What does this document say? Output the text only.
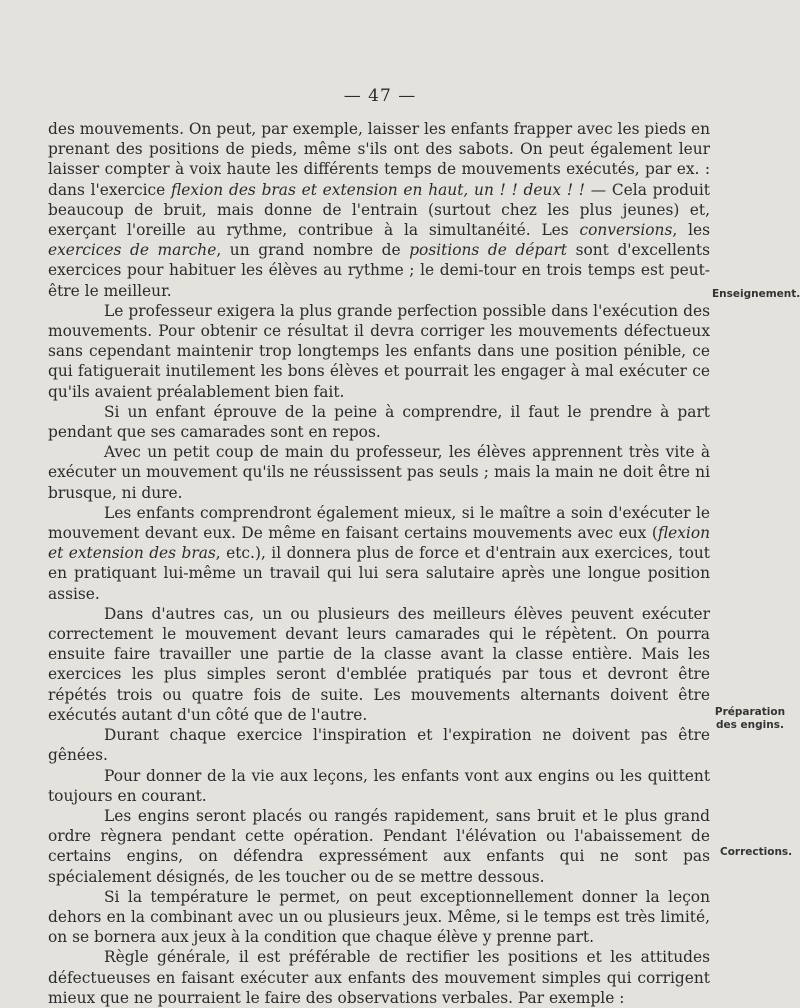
— 47 —

des mouvements. On peut, par exemple, laisser les enfants frapper avec les pieds en prenant des positions de pieds, même s'ils ont des sabots. On peut également leur laisser compter à voix haute les différents temps de mouvements exécutés, par ex. : dans l'exercice flexion des bras et extension en haut, un ! ! deux ! ! — Cela produit beaucoup de bruit, mais donne de l'entrain (surtout chez les plus jeunes) et, exerçant l'oreille au rythme, contribue à la simultanéité. Les conversions, les exercices de marche, un grand nombre de positions de départ sont d'excellents exercices pour habituer les élèves au rythme ; le demi-tour en trois temps est peut-être le meilleur.

Le professeur exigera la plus grande perfection possible dans l'exécution des mouvements. Pour obtenir ce résultat il devra corriger les mouvements défectueux sans cependant maintenir trop longtemps les enfants dans une position pénible, ce qui fatiguerait inutilement les bons élèves et pourrait les engager à mal exécuter ce qu'ils avaient préalablement bien fait.

Si un enfant éprouve de la peine à comprendre, il faut le prendre à part pendant que ses camarades sont en repos.

Avec un petit coup de main du professeur, les élèves apprennent très vite à exécuter un mouvement qu'ils ne réussissent pas seuls ; mais la main ne doit être ni brusque, ni dure.

Les enfants comprendront également mieux, si le maître a soin d'exécuter le mouvement devant eux. De même en faisant certains mouvements avec eux (flexion et extension des bras, etc.), il donnera plus de force et d'entrain aux exercices, tout en pratiquant lui-même un travail qui lui sera salutaire après une longue position assise.

Dans d'autres cas, un ou plusieurs des meilleurs élèves peuvent exécuter correctement le mouvement devant leurs camarades qui le répètent. On pourra ensuite faire travailler une partie de la classe avant la classe entière. Mais les exercices les plus simples seront d'emblée pratiqués par tous et devront être répétés trois ou quatre fois de suite. Les mouvements alternants doivent être exécutés autant d'un côté que de l'autre.

Durant chaque exercice l'inspiration et l'expiration ne doivent pas être gênées.

Pour donner de la vie aux leçons, les enfants vont aux engins ou les quittent toujours en courant.

Les engins seront placés ou rangés rapidement, sans bruit et le plus grand ordre règnera pendant cette opération. Pendant l'élévation ou l'abaissement de certains engins, on défendra expressément aux enfants qui ne sont pas spécialement désignés, de les toucher ou de se mettre dessous.

Si la température le permet, on peut exceptionnellement donner la leçon dehors en la combinant avec un ou plusieurs jeux. Même, si le temps est très limité, on se bornera aux jeux à la condition que chaque élève y prenne part.

Règle générale, il est préférable de rectifier les positions et les attitudes défectueuses en faisant exécuter aux enfants des mouvement simples qui corrigent mieux que ne pourraient le faire des observations verbales. Par exemple :

Enseignement.
Préparation des engins.
Corrections.
